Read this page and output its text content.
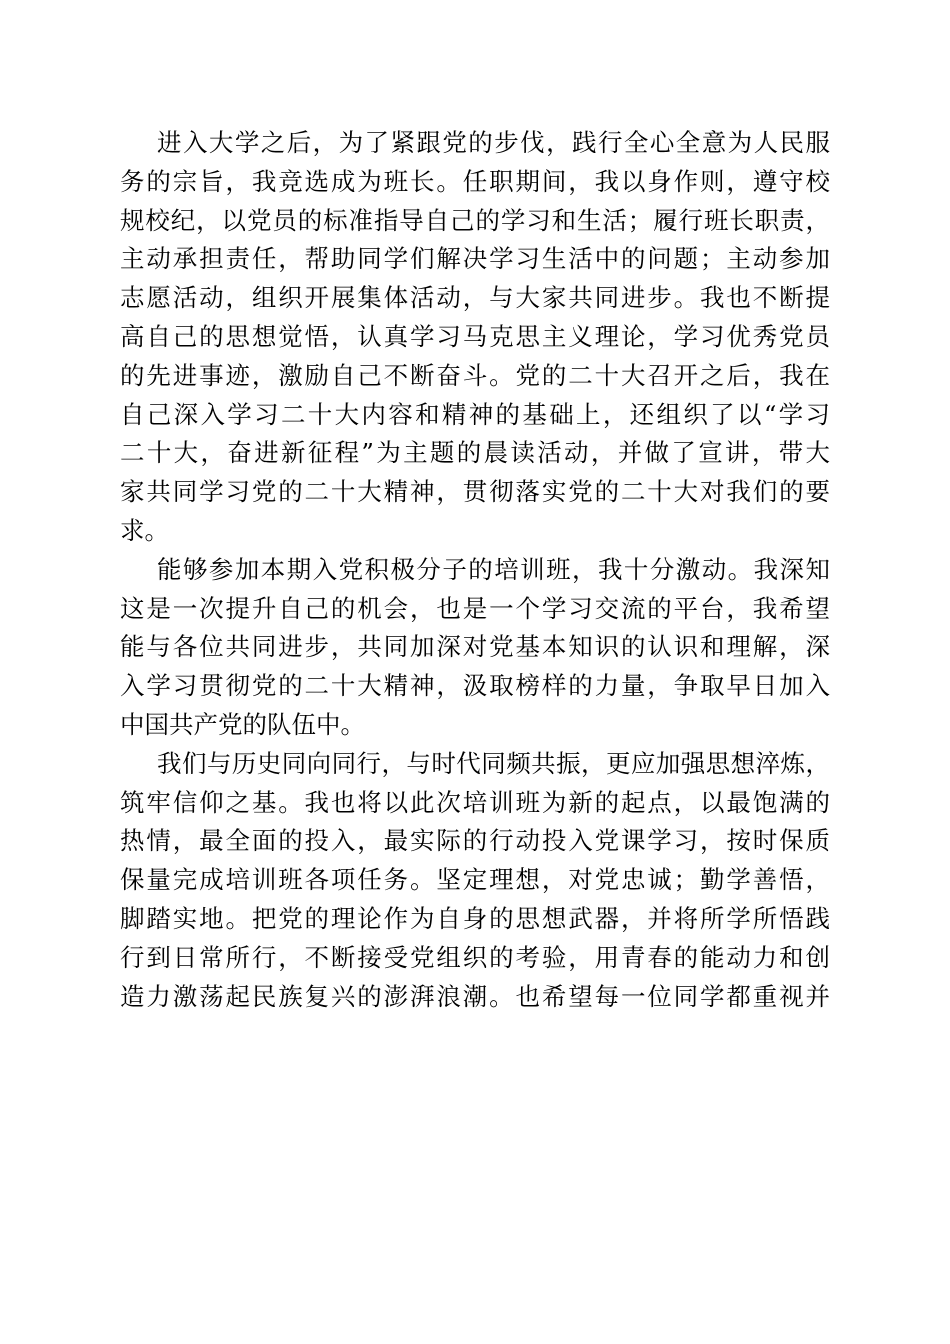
进入大学之后，为了紧跟党的步伐，践行全心全意为人民服
务的宗旨，我竞选成为班长。任职期间，我以身作则，遵守校
规校纪，以党员的标准指导自己的学习和生活；履行班长职责，
主动承担责任，帮助同学们解决学习生活中的问题；主动参加
志愿活动，组织开展集体活动，与大家共同进步。我也不断提
高自己的思想觉悟，认真学习马克思主义理论，学习优秀党员
的先进事迹，激励自己不断奋斗。党的二十大召开之后，我在
自己深入学习二十大内容和精神的基础上，还组织了以“学习
二十大，奋进新征程”为主题的晨读活动，并做了宣讲，带大
家共同学习党的二十大精神，贯彻落实党的二十大对我们的要
求。
能够参加本期入党积极分子的培训班，我十分激动。我深知
这是一次提升自己的机会，也是一个学习交流的平台，我希望
能与各位共同进步，共同加深对党基本知识的认识和理解，深
入学习贯彻党的二十大精神，汲取榜样的力量，争取早日加入
中国共产党的队伍中。
我们与历史同向同行，与时代同频共振，更应加强思想淬炼，
筑牢信仰之基。我也将以此次培训班为新的起点，以最饱满的
热情，最全面的投入，最实际的行动投入党课学习，按时保质
保量完成培训班各项任务。坚定理想，对党忠诚；勤学善悟，
脚踏实地。把党的理论作为自身的思想武器，并将所学所悟践
行到日常所行，不断接受党组织的考验，用青春的能动力和创
造力激荡起民族复兴的澎湃浪潮。也希望每一位同学都重视并
